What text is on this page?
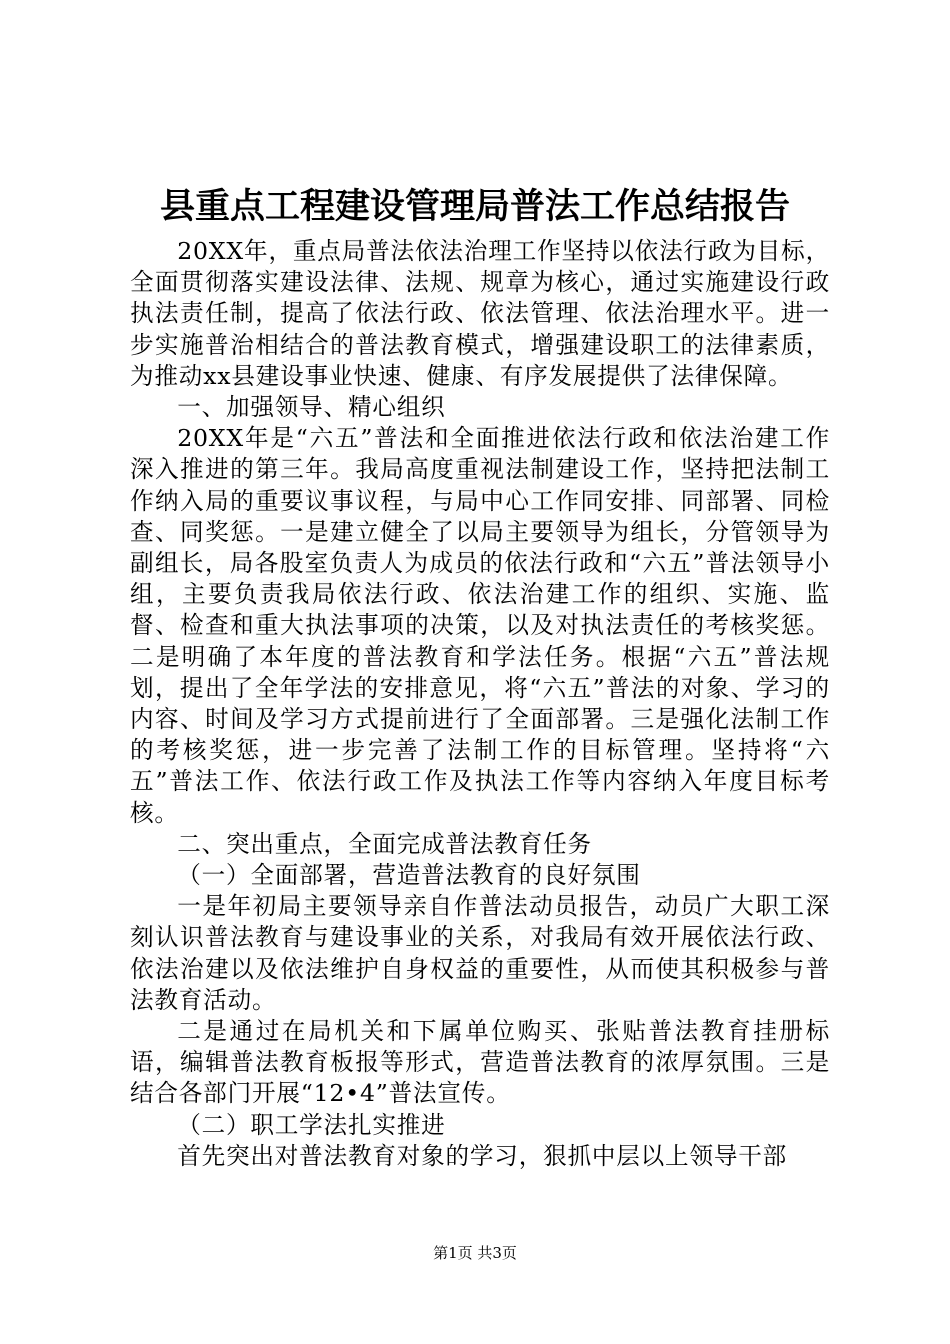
县重点工程建设管理局普法工作总结报告

20XX年，重点局普法依法治理工作坚持以依法行政为目标，全面贯彻落实建设法律、法规、规章为核心，通过实施建设行政执法责任制，提高了依法行政、依法管理、依法治理水平。进一步实施普治相结合的普法教育模式，增强建设职工的法律素质，为推动xx县建设事业快速、健康、有序发展提供了法律保障。

一、加强领导、精心组织

20XX年是“六五”普法和全面推进依法行政和依法治建工作深入推进的第三年。我局高度重视法制建设工作，坚持把法制工作纳入局的重要议事议程，与局中心工作同安排、同部署、同检查、同奖惩。一是建立健全了以局主要领导为组长，分管领导为副组长，局各股室负责人为成员的依法行政和“六五”普法领导小组，主要负责我局依法行政、依法治建工作的组织、实施、监督、检查和重大执法事项的决策，以及对执法责任的考核奖惩。二是明确了本年度的普法教育和学法任务。根据“六五”普法规划，提出了全年学法的安排意见，将“六五”普法的对象、学习的内容、时间及学习方式提前进行了全面部署。三是强化法制工作的考核奖惩，进一步完善了法制工作的目标管理。坚持将“六五”普法工作、依法行政工作及执法工作等内容纳入年度目标考核。

二、突出重点，全面完成普法教育任务

（一）全面部署，营造普法教育的良好氛围

一是年初局主要领导亲自作普法动员报告，动员广大职工深刻认识普法教育与建设事业的关系，对我局有效开展依法行政、依法治建以及依法维护自身权益的重要性，从而使其积极参与普法教育活动。

二是通过在局机关和下属单位购买、张贴普法教育挂册标语，编辑普法教育板报等形式，营造普法教育的浓厚氛围。三是结合各部门开展“12•4”普法宣传。

（二）职工学法扎实推进

首先突出对普法教育对象的学习，狠抓中层以上领导干部

第1页 共3页
